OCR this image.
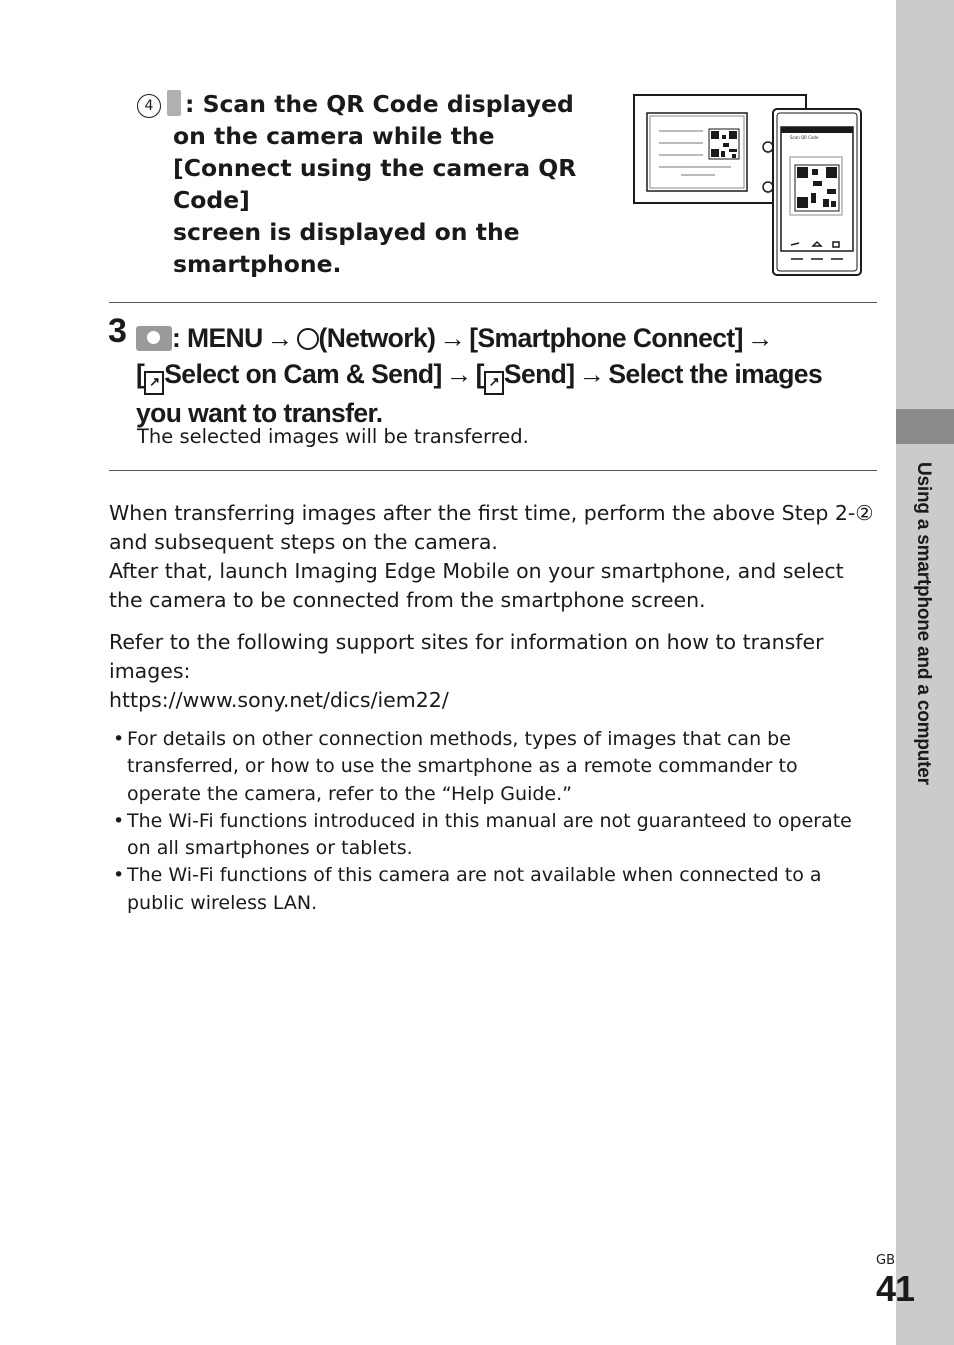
Using a smartphone and a computer
4 : Scan the QR Code displayed
on the camera while the
[Connect using the camera QR Code]
screen is displayed on the
smartphone.
Scan QR Code
3	: MENU → (Network) → [Smartphone Connect] →
[ ↗ Select on Cam & Send] → [ ↗ Send] → Select the images
you want to transfer.
The selected images will be transferred.
When transferring images after the first time, perform the above Step 2-②
and subsequent steps on the camera.
After that, launch Imaging Edge Mobile on your smartphone, and select
the camera to be connected from the smartphone screen.
Refer to the following support sites for information on how to transfer
images:
https://www.sony.net/dics/iem22/
• For details on other connection methods, types of images that can be
transferred, or how to use the smartphone as a remote commander to
operate the camera, refer to the “Help Guide.”
• The Wi-Fi functions introduced in this manual are not guaranteed to operate
on all smartphones or tablets.
• The Wi-Fi functions of this camera are not available when connected to a
public wireless LAN.
GB
41
